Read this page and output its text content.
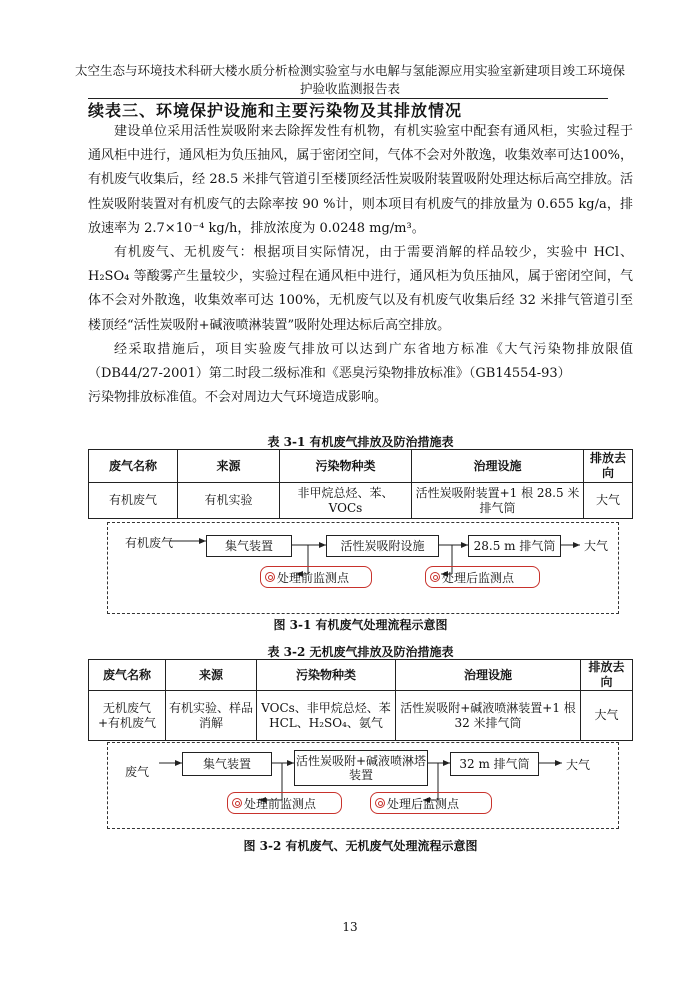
太空生态与环境技术科研大楼水质分析检测实验室与水电解与氢能源应用实验室新建项目竣工环境保
护验收监测报告表
续表三、环境保护设施和主要污染物及其排放情况

建设单位采用活性炭吸附来去除挥发性有机物，有机实验室中配套有通风柜，实验过程于通风柜中进行，通风柜为负压抽风，属于密闭空间，气体不会对外散逸，收集效率可达100%，有机废气收集后，经 28.5 米排气管道引至楼顶经活性炭吸附装置吸附处理达标后高空排放。活性炭吸附装置对有机废气的去除率按 90 %计，则本项目有机废气的排放量为 0.655 kg/a，排放速率为 2.7×10⁻⁴ kg/h，排放浓度为 0.0248 mg/m³。

有机废气、无机废气：根据项目实际情况，由于需要消解的样品较少，实验中 HCl、H₂SO₄ 等酸雾产生量较少，实验过程在通风柜中进行，通风柜为负压抽风，属于密闭空间，气体不会对外散逸，收集效率可达 100%，无机废气以及有机废气收集后经 32 米排气管道引至楼顶经“活性炭吸附+碱液喷淋装置”吸附处理达标后高空排放。

经采取措施后，项目实验废气排放可以达到广东省地方标准《大气污染物排放限值（DB44/27-2001）第二时段二级标准和《恶臭污染物排放标准》（GB14554-93）

污染物排放标准值。不会对周边大气环境造成影响。

表 3-1 有机废气排放及防治措施表
废气名称	来源	污染物种类	治理设施	排放去向
有机废气	有机实验	非甲烷总烃、苯、VOCs	活性炭吸附装置+1 根 28.5 米排气筒	大气
有机废气	集气装置	活性炭吸附设施	28.5 m 排气筒	大气
处理前监测点	处理后监测点
图 3-1 有机废气处理流程示意图
表 3-2 无机废气排放及防治措施表
废气名称	来源	污染物种类	治理设施	排放去向
无机废气+有机废气	有机实验、样品消解	VOCs、非甲烷总烃、苯 HCL、H₂SO₄、氨气	活性炭吸附+碱液喷淋装置+1 根 32 米排气筒	大气
废气
集气装置	活性炭吸附+碱液喷淋塔装置
32 m 排气筒	大气
处理前监测点	处理后监测点
图 3-2 有机废气、无机废气处理流程示意图
13
